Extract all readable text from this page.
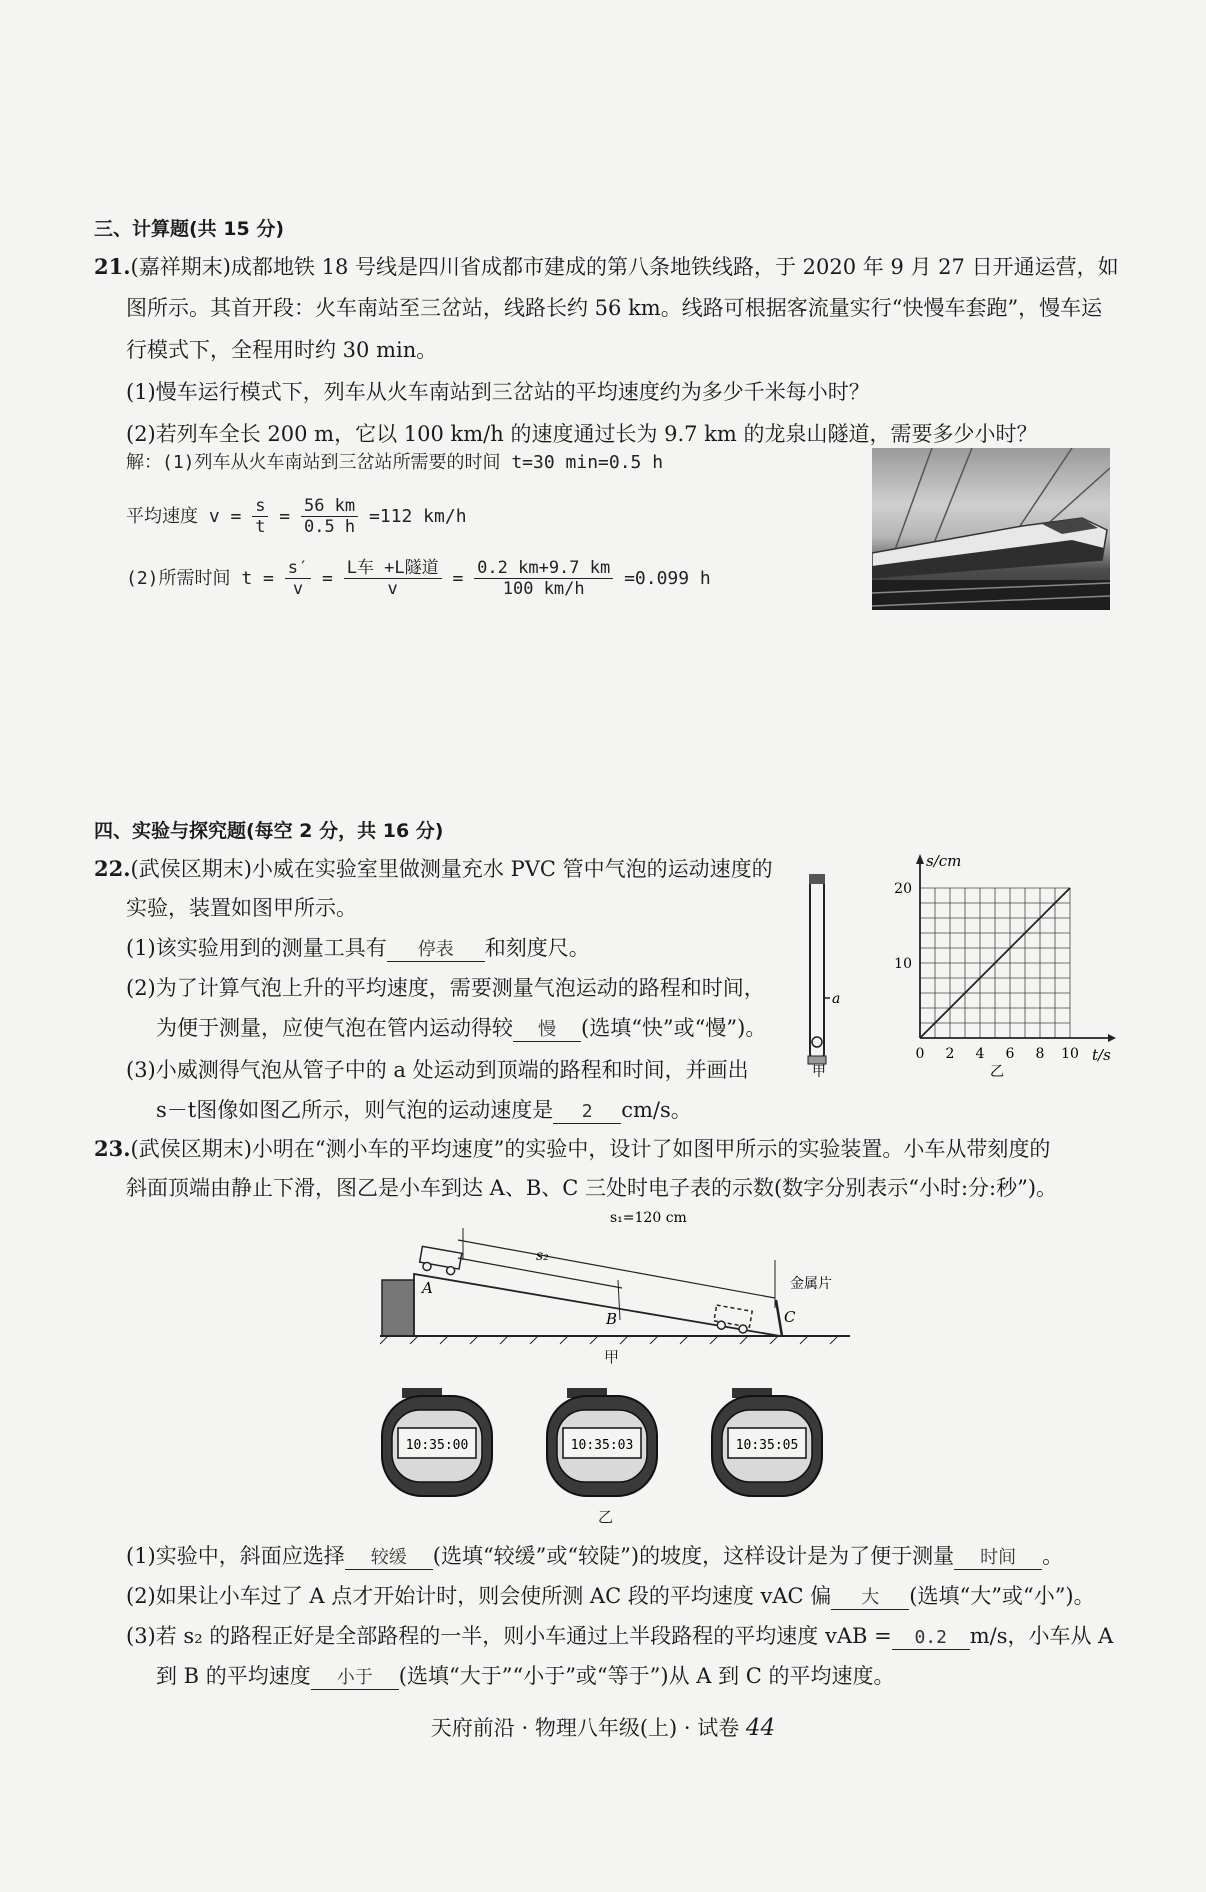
三、计算题(共 15 分)
21.(嘉祥期末)成都地铁 18 号线是四川省成都市建成的第八条地铁线路，于 2020 年 9 月 27 日开通运营，如
图所示。其首开段：火车南站至三岔站，线路长约 56 km。线路可根据客流量实行“快慢车套跑”，慢车运
行模式下，全程用时约 30 min。
(1)慢车运行模式下，列车从火车南站到三岔站的平均速度约为多少千米每小时？
(2)若列车全长 200 m，它以 100 km/h 的速度通过长为 9.7 km 的龙泉山隧道，需要多少小时？
解：(1)列车从火车南站到三岔站所需要的时间 t=30 min=0.5 h
平均速度 $v = \frac{s}{t} = \frac{56 km}{0.5 h} =112$ km/h
(2)所需时间 $t = \frac{s'}{v} = \frac{\text{L车 +L隧道}}{v} = \frac{0.2 km+9.7 km}{100 km/h} =0.099$ h
四、实验与探究题(每空 2 分，共 16 分)
22.(武侯区期末)小威在实验室里做测量充水 PVC 管中气泡的运动速度的
实验，装置如图甲所示。
(1)该实验用到的测量工具有 停表 和刻度尺。
(2)为了计算气泡上升的平均速度，需要测量气泡运动的路程和时间，
为便于测量，应使气泡在管内运动得较 慢 (选填“快”或“慢”)。
(3)小威测得气泡从管子中的 a 处运动到顶端的路程和时间，并画出
s－t图像如图乙所示，则气泡的运动速度是 2 cm/s。
a
甲
s/cm
t/s
0 2 4 6 8 10
10
20
乙
23.(武侯区期末)小明在“测小车的平均速度”的实验中，设计了如图甲所示的实验装置。小车从带刻度的
斜面顶端由静止下滑，图乙是小车到达 A、B、C 三处时电子表的示数(数字分别表示“小时:分:秒”)。
s₁=120 cm
s₂
A
B	C
金属片
甲
10:35:00	10:35:03	10:35:05
乙
(1)实验中，斜面应选择 较缓 (选填“较缓”或“较陡”)的坡度，这样设计是为了便于测量 时间 。
(2)如果让小车过了 A 点才开始计时，则会使所测 AC 段的平均速度 vAC 偏 大 (选填“大”或“小”)。
(3)若 s₂ 的路程正好是全部路程的一半，则小车通过上半段路程的平均速度 vAB = 0.2 m/s，小车从 A
到 B 的平均速度 小于 (选填“大于”“小于”或“等于”)从 A 到 C 的平均速度。
天府前沿 · 物理八年级(上) · 试卷 44
